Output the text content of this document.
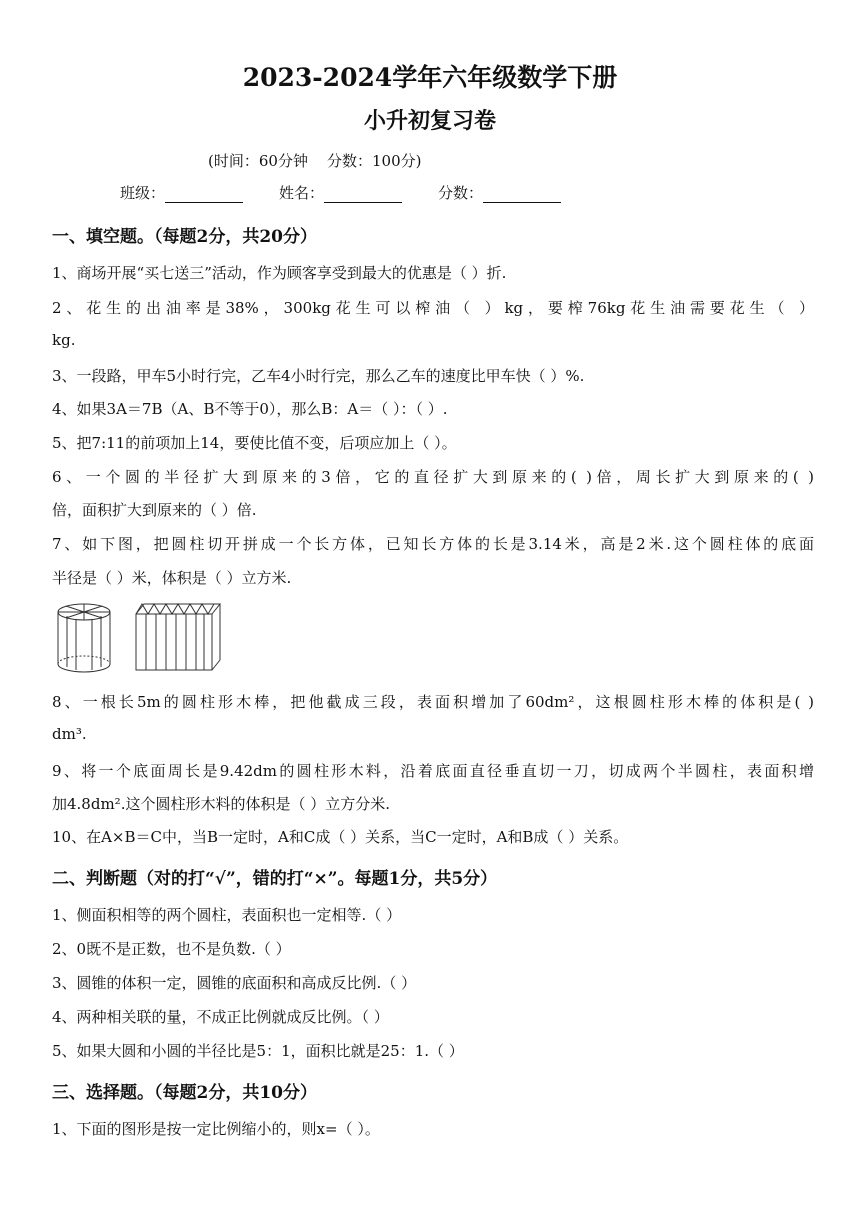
2023-2024学年六年级数学下册
小升初复习卷
(时间：60分钟    分数：100分)
班级：	姓名：	分数：
一、填空题。（每题2分，共20分）
1、商场开展“买七送三”活动，作为顾客享受到最大的优惠是（ ）折.
2、花生的出油率是38%，300kg花生可以榨油（ ）kg，要榨76kg花生油需要花生（ ）
kg.
3、一段路，甲车5小时行完，乙车4小时行完，那么乙车的速度比甲车快（ ）%.
4、如果3A＝7B（A、B不等于0），那么B：A＝（ ）：（ ）.
5、把7:11的前项加上14，要使比值不变，后项应加上（ ）。
6、一个圆的半径扩大到原来的3倍，它的直径扩大到原来的( )倍，周长扩大到原来的( )
倍，面积扩大到原来的（ ）倍.
7、如下图，把圆柱切开拼成一个长方体，已知长方体的长是3.14米，高是2米.这个圆柱体的底面
半径是（ ）米，体积是（ ）立方米.
8、一根长5m的圆柱形木棒，把他截成三段，表面积增加了60dm²，这根圆柱形木棒的体积是( )
dm³.
9、将一个底面周长是9.42dm的圆柱形木料，沿着底面直径垂直切一刀，切成两个半圆柱，表面积增
加4.8dm².这个圆柱形木料的体积是（ ）立方分米.
10、在A×B＝C中，当B一定时，A和C成（ ）关系，当C一定时，A和B成（ ）关系。
二、判断题（对的打“√”，错的打“×”。每题1分，共5分）
1、侧面积相等的两个圆柱，表面积也一定相等.（ ）
2、0既不是正数，也不是负数.（ ）
3、圆锥的体积一定，圆锥的底面积和高成反比例.（ ）
4、两种相关联的量，不成正比例就成反比例。（ ）
5、如果大圆和小圆的半径比是5：1，面积比就是25：1.（ ）
三、选择题。（每题2分，共10分）
1、下面的图形是按一定比例缩小的，则x=（ ）。
